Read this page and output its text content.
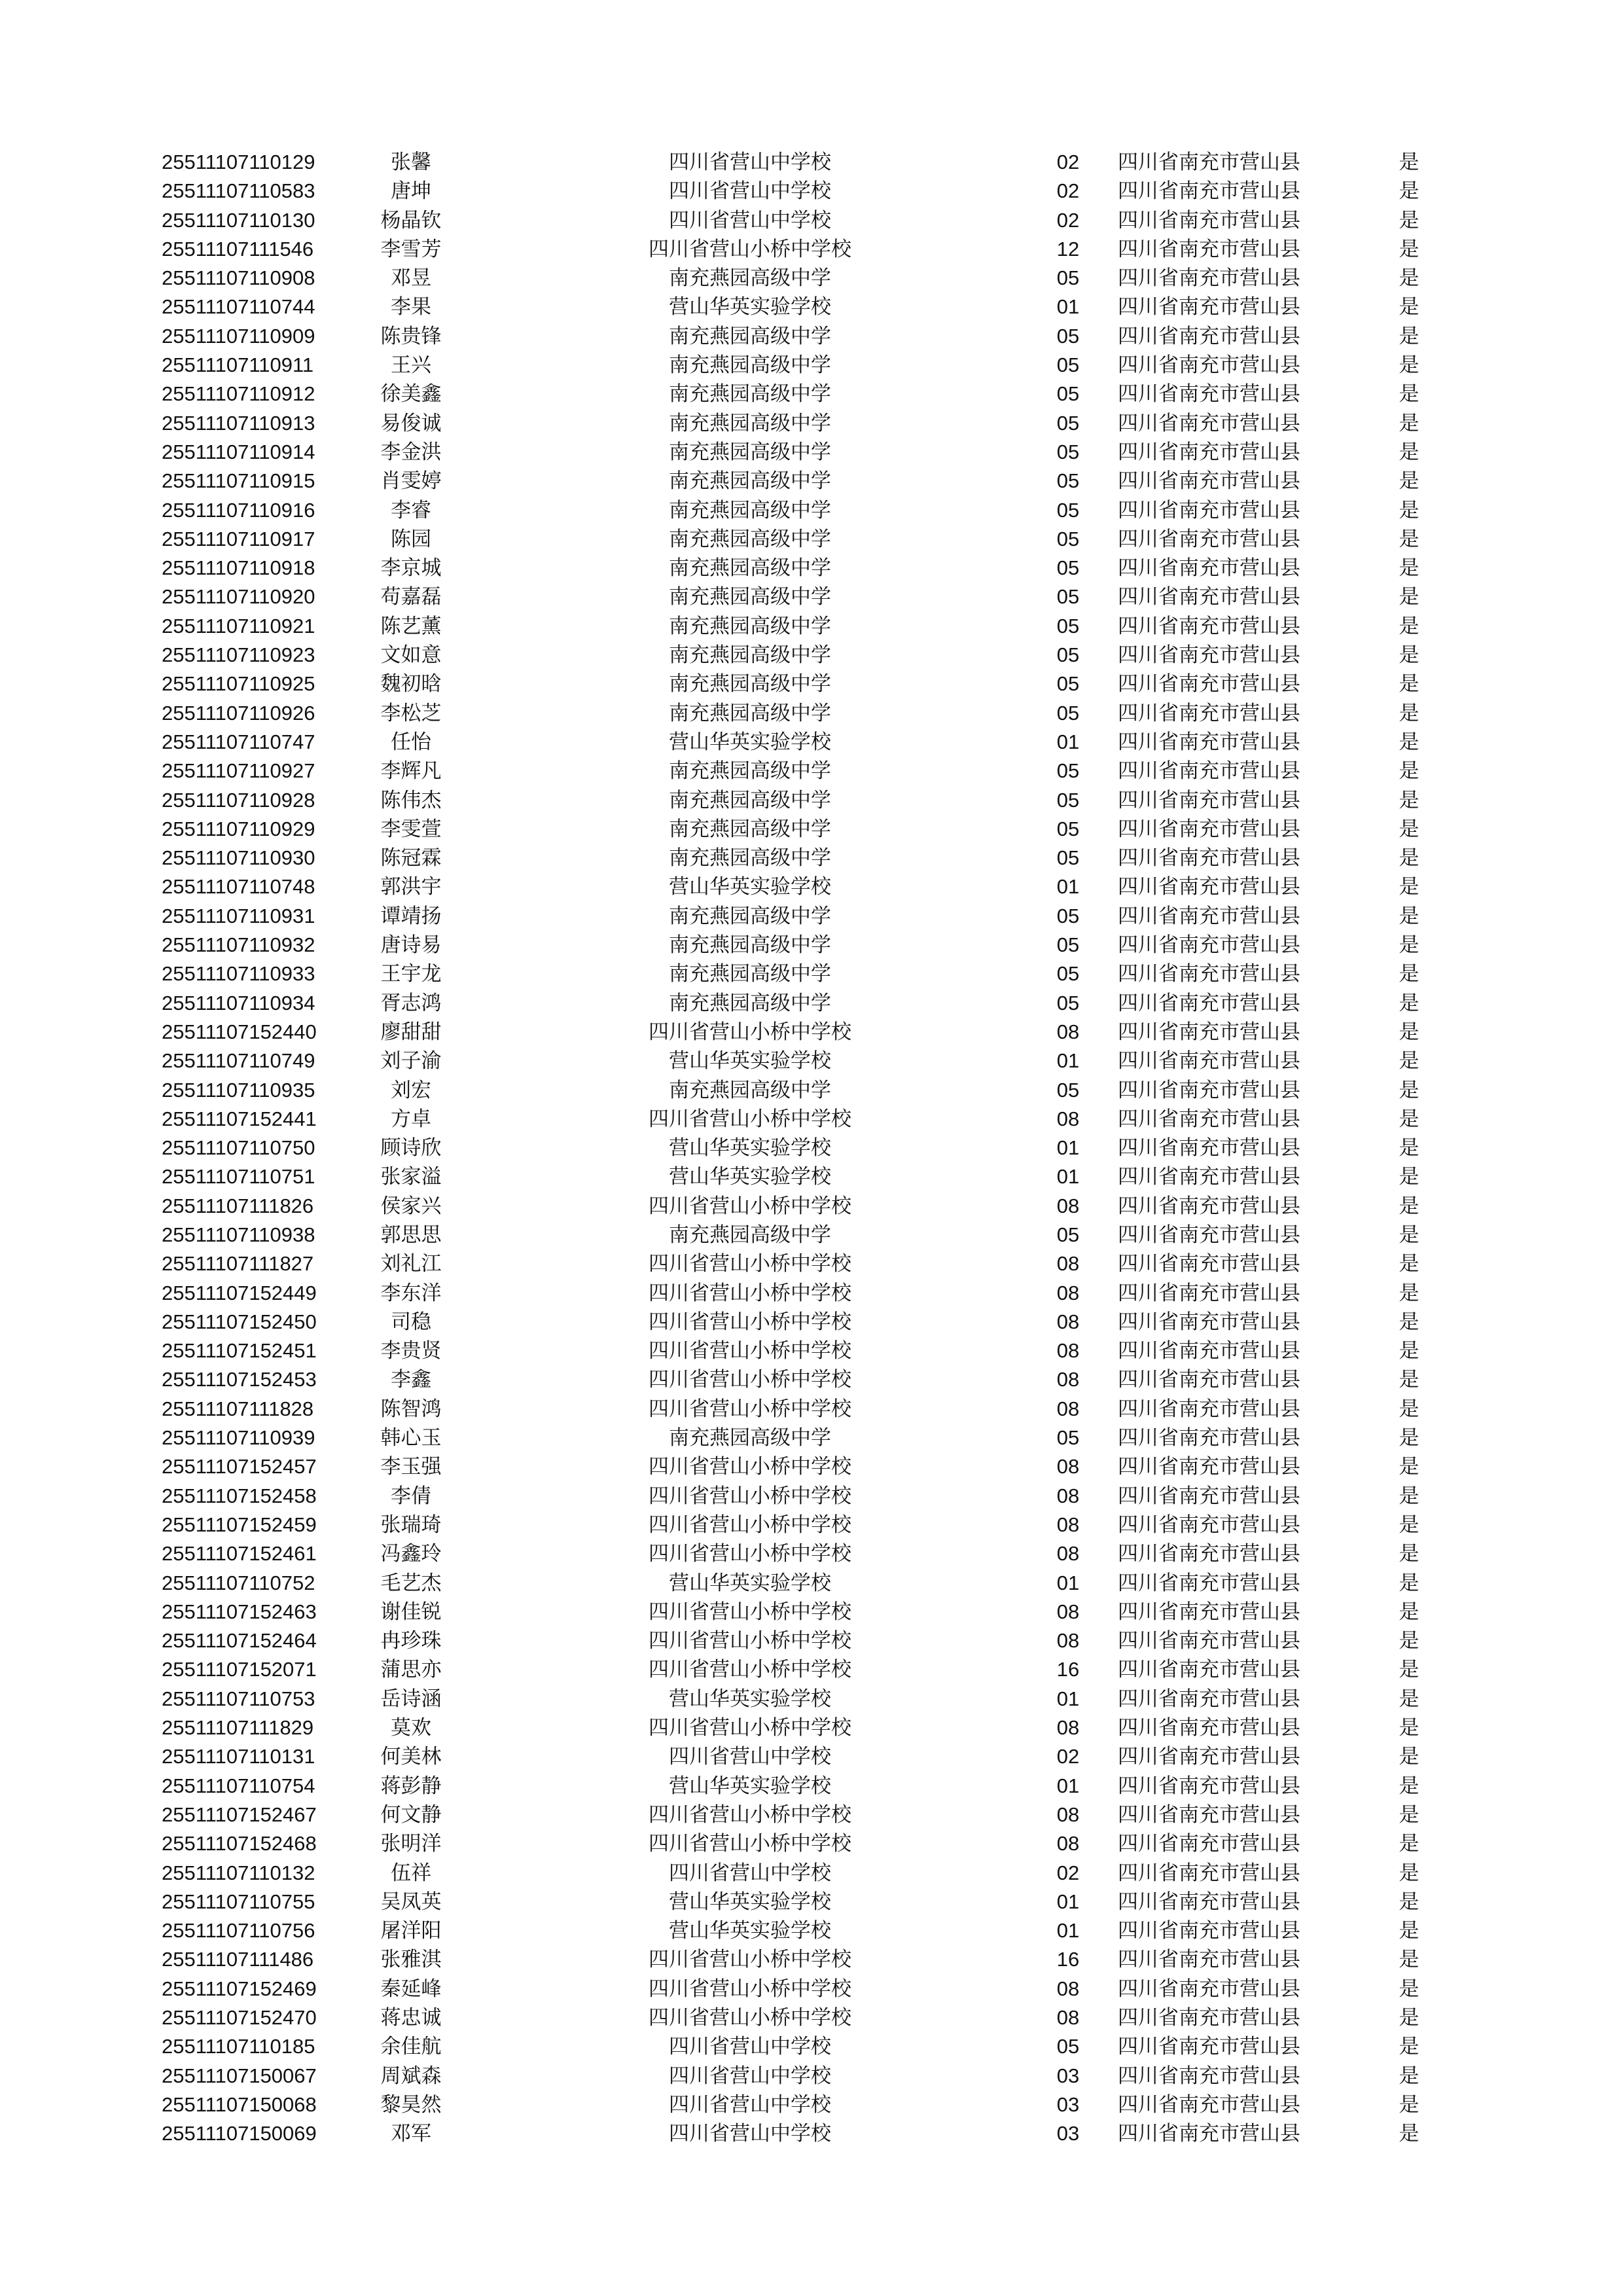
25511107110129	张馨	四川省营山中学校	02 四川省南充市营山县	是
25511107110583	唐坤	四川省营山中学校	02 四川省南充市营山县	是
25511107110130	杨晶钦	四川省营山中学校	02 四川省南充市营山县	是
25511107111546	李雪芳	四川省营山小桥中学校	12 四川省南充市营山县	是
25511107110908	邓昱	南充燕园高级中学	05 四川省南充市营山县	是
25511107110744	李果	营山华英实验学校	01 四川省南充市营山县	是
25511107110909	陈贵锋	南充燕园高级中学	05 四川省南充市营山县	是
25511107110911	王兴	南充燕园高级中学	05 四川省南充市营山县	是
25511107110912	徐美鑫	南充燕园高级中学	05 四川省南充市营山县	是
25511107110913	易俊诚	南充燕园高级中学	05 四川省南充市营山县	是
25511107110914	李金洪	南充燕园高级中学	05 四川省南充市营山县	是
25511107110915	肖雯婷	南充燕园高级中学	05 四川省南充市营山县	是
25511107110916	李睿	南充燕园高级中学	05 四川省南充市营山县	是
25511107110917	陈园	南充燕园高级中学	05 四川省南充市营山县	是
25511107110918	李京城	南充燕园高级中学	05 四川省南充市营山县	是
25511107110920	苟嘉磊	南充燕园高级中学	05 四川省南充市营山县	是
25511107110921	陈艺薰	南充燕园高级中学	05 四川省南充市营山县	是
25511107110923	文如意	南充燕园高级中学	05 四川省南充市营山县	是
25511107110925	魏初晗	南充燕园高级中学	05 四川省南充市营山县	是
25511107110926	李松芝	南充燕园高级中学	05 四川省南充市营山县	是
25511107110747	任怡	营山华英实验学校	01 四川省南充市营山县	是
25511107110927	李辉凡	南充燕园高级中学	05 四川省南充市营山县	是
25511107110928	陈伟杰	南充燕园高级中学	05 四川省南充市营山县	是
25511107110929	李雯萱	南充燕园高级中学	05 四川省南充市营山县	是
25511107110930	陈冠霖	南充燕园高级中学	05 四川省南充市营山县	是
25511107110748	郭洪宇	营山华英实验学校	01 四川省南充市营山县	是
25511107110931	谭靖扬	南充燕园高级中学	05 四川省南充市营山县	是
25511107110932	唐诗易	南充燕园高级中学	05 四川省南充市营山县	是
25511107110933	王宇龙	南充燕园高级中学	05 四川省南充市营山县	是
25511107110934	胥志鸿	南充燕园高级中学	05 四川省南充市营山县	是
25511107152440	廖甜甜	四川省营山小桥中学校	08 四川省南充市营山县	是
25511107110749	刘子渝	营山华英实验学校	01 四川省南充市营山县	是
25511107110935	刘宏	南充燕园高级中学	05 四川省南充市营山县	是
25511107152441	方卓	四川省营山小桥中学校	08 四川省南充市营山县	是
25511107110750	顾诗欣	营山华英实验学校	01 四川省南充市营山县	是
25511107110751	张家溢	营山华英实验学校	01 四川省南充市营山县	是
25511107111826	侯家兴	四川省营山小桥中学校	08 四川省南充市营山县	是
25511107110938	郭思思	南充燕园高级中学	05 四川省南充市营山县	是
25511107111827	刘礼江	四川省营山小桥中学校	08 四川省南充市营山县	是
25511107152449	李东洋	四川省营山小桥中学校	08 四川省南充市营山县	是
25511107152450	司稳	四川省营山小桥中学校	08 四川省南充市营山县	是
25511107152451	李贵贤	四川省营山小桥中学校	08 四川省南充市营山县	是
25511107152453	李鑫	四川省营山小桥中学校	08 四川省南充市营山县	是
25511107111828	陈智鸿	四川省营山小桥中学校	08 四川省南充市营山县	是
25511107110939	韩心玉	南充燕园高级中学	05 四川省南充市营山县	是
25511107152457	李玉强	四川省营山小桥中学校	08 四川省南充市营山县	是
25511107152458	李倩	四川省营山小桥中学校	08 四川省南充市营山县	是
25511107152459	张瑞琦	四川省营山小桥中学校	08 四川省南充市营山县	是
25511107152461	冯鑫玲	四川省营山小桥中学校	08 四川省南充市营山县	是
25511107110752	毛艺杰	营山华英实验学校	01 四川省南充市营山县	是
25511107152463	谢佳锐	四川省营山小桥中学校	08 四川省南充市营山县	是
25511107152464	冉珍珠	四川省营山小桥中学校	08 四川省南充市营山县	是
25511107152071	蒲思亦	四川省营山小桥中学校	16 四川省南充市营山县	是
25511107110753	岳诗涵	营山华英实验学校	01 四川省南充市营山县	是
25511107111829	莫欢	四川省营山小桥中学校	08 四川省南充市营山县	是
25511107110131	何美林	四川省营山中学校	02 四川省南充市营山县	是
25511107110754	蒋彭静	营山华英实验学校	01 四川省南充市营山县	是
25511107152467	何文静	四川省营山小桥中学校	08 四川省南充市营山县	是
25511107152468	张明洋	四川省营山小桥中学校	08 四川省南充市营山县	是
25511107110132	伍祥	四川省营山中学校	02 四川省南充市营山县	是
25511107110755	吴凤英	营山华英实验学校	01 四川省南充市营山县	是
25511107110756	屠洋阳	营山华英实验学校	01 四川省南充市营山县	是
25511107111486	张雅淇	四川省营山小桥中学校	16 四川省南充市营山县	是
25511107152469	秦延峰	四川省营山小桥中学校	08 四川省南充市营山县	是
25511107152470	蒋忠诚	四川省营山小桥中学校	08 四川省南充市营山县	是
25511107110185	余佳航	四川省营山中学校	05 四川省南充市营山县	是
25511107150067	周斌森	四川省营山中学校	03 四川省南充市营山县	是
25511107150068	黎昊然	四川省营山中学校	03 四川省南充市营山县	是
25511107150069	邓军	四川省营山中学校	03 四川省南充市营山县	是
